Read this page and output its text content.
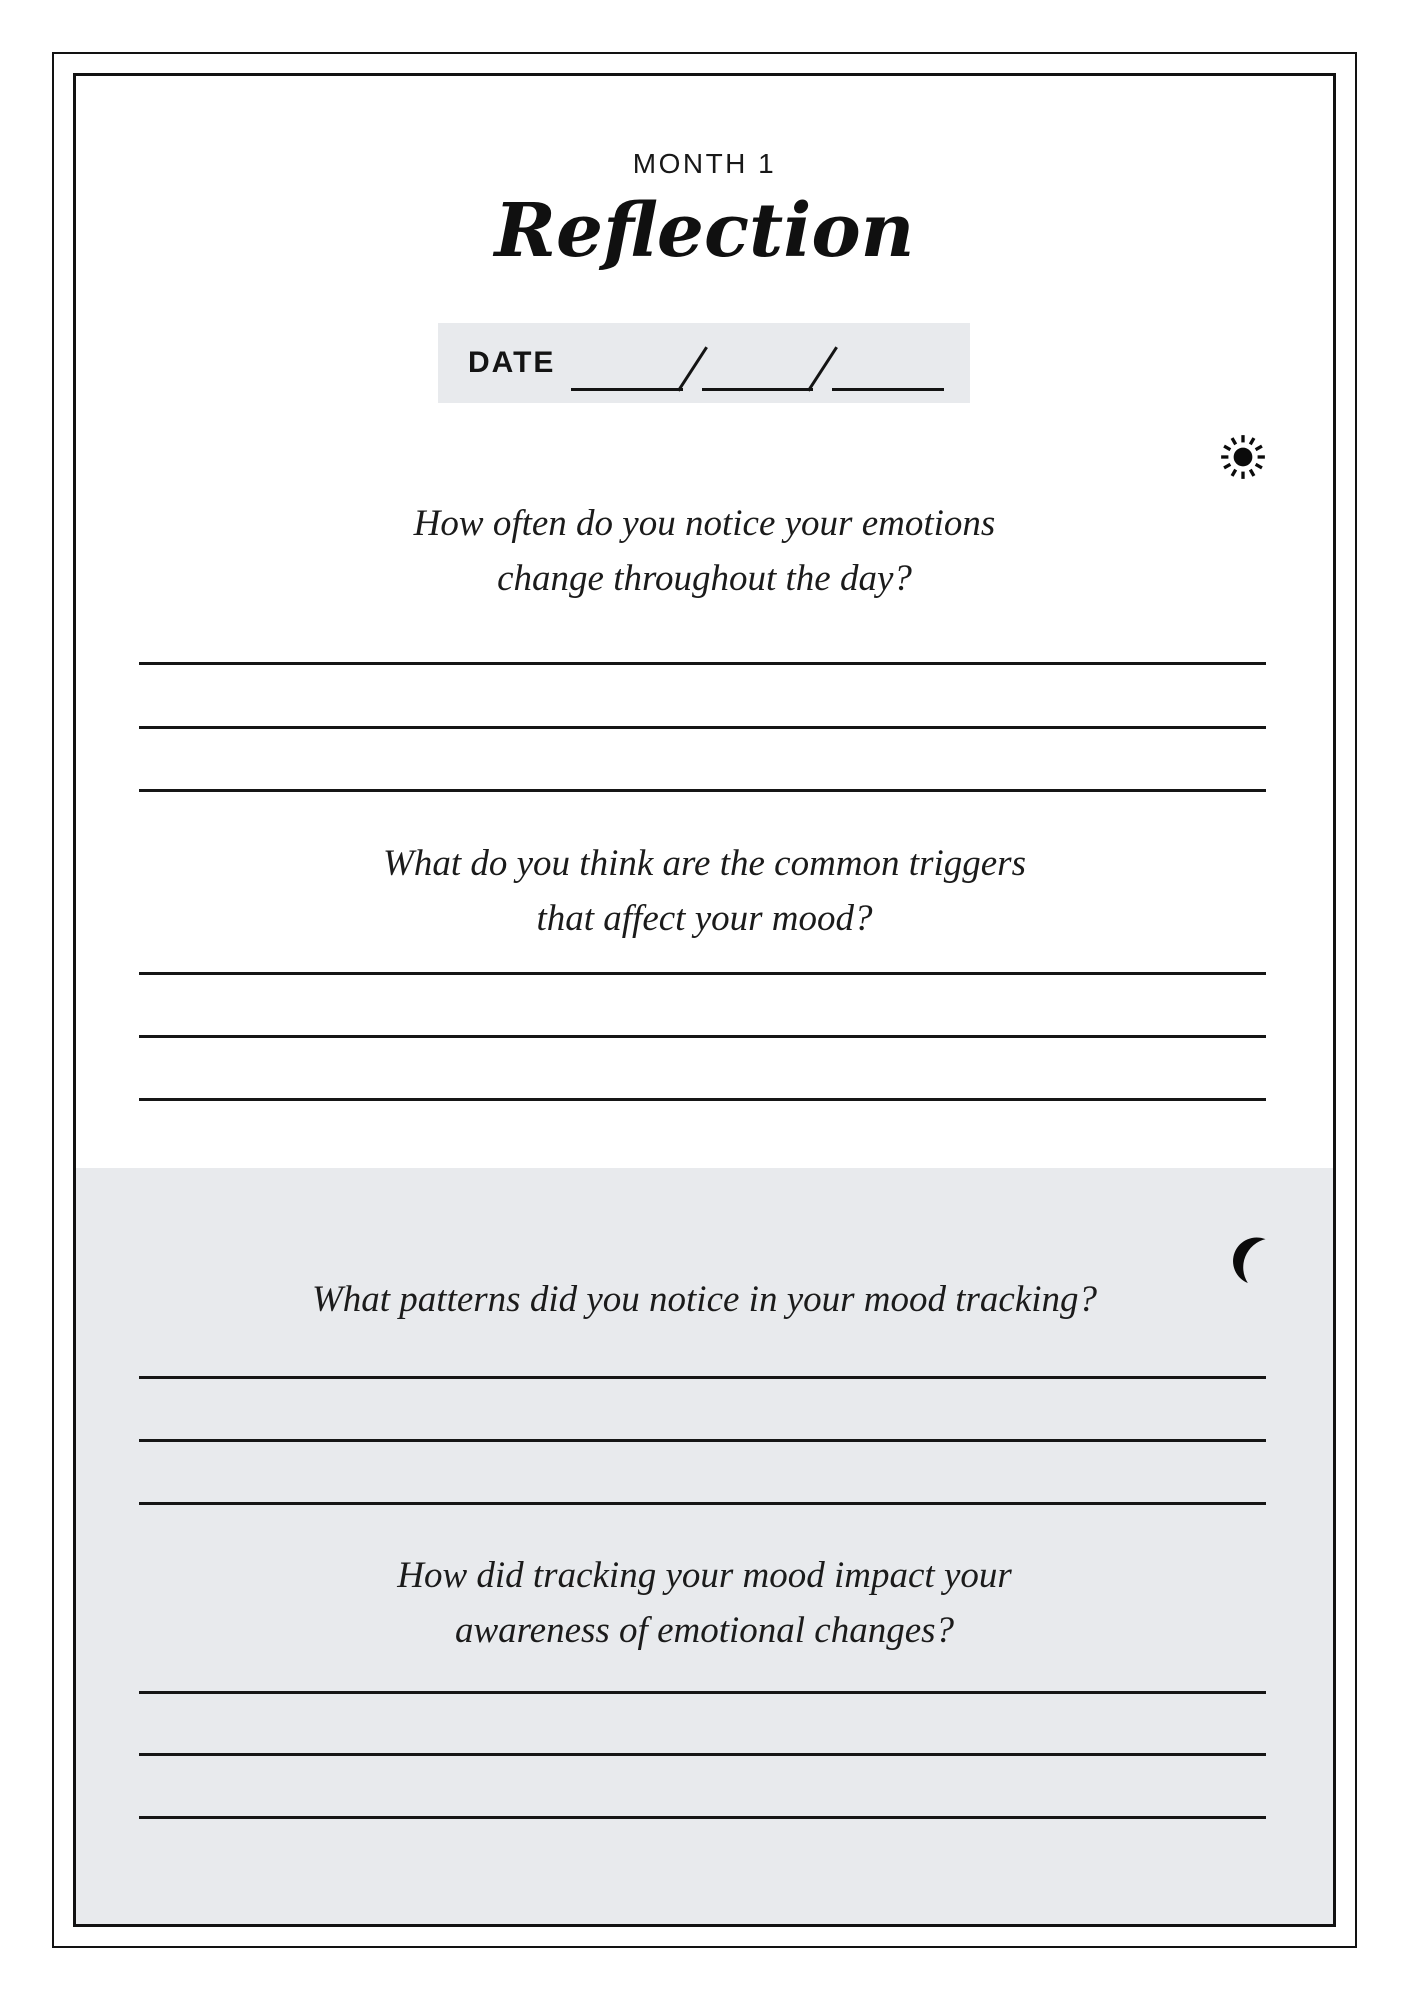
MONTH 1
Reflection
DATE
How often do you notice your emotions
change throughout the day?
What do you think are the common triggers
that affect your mood?
What patterns did you notice in your mood tracking?
How did tracking your mood impact your
awareness of emotional changes?
